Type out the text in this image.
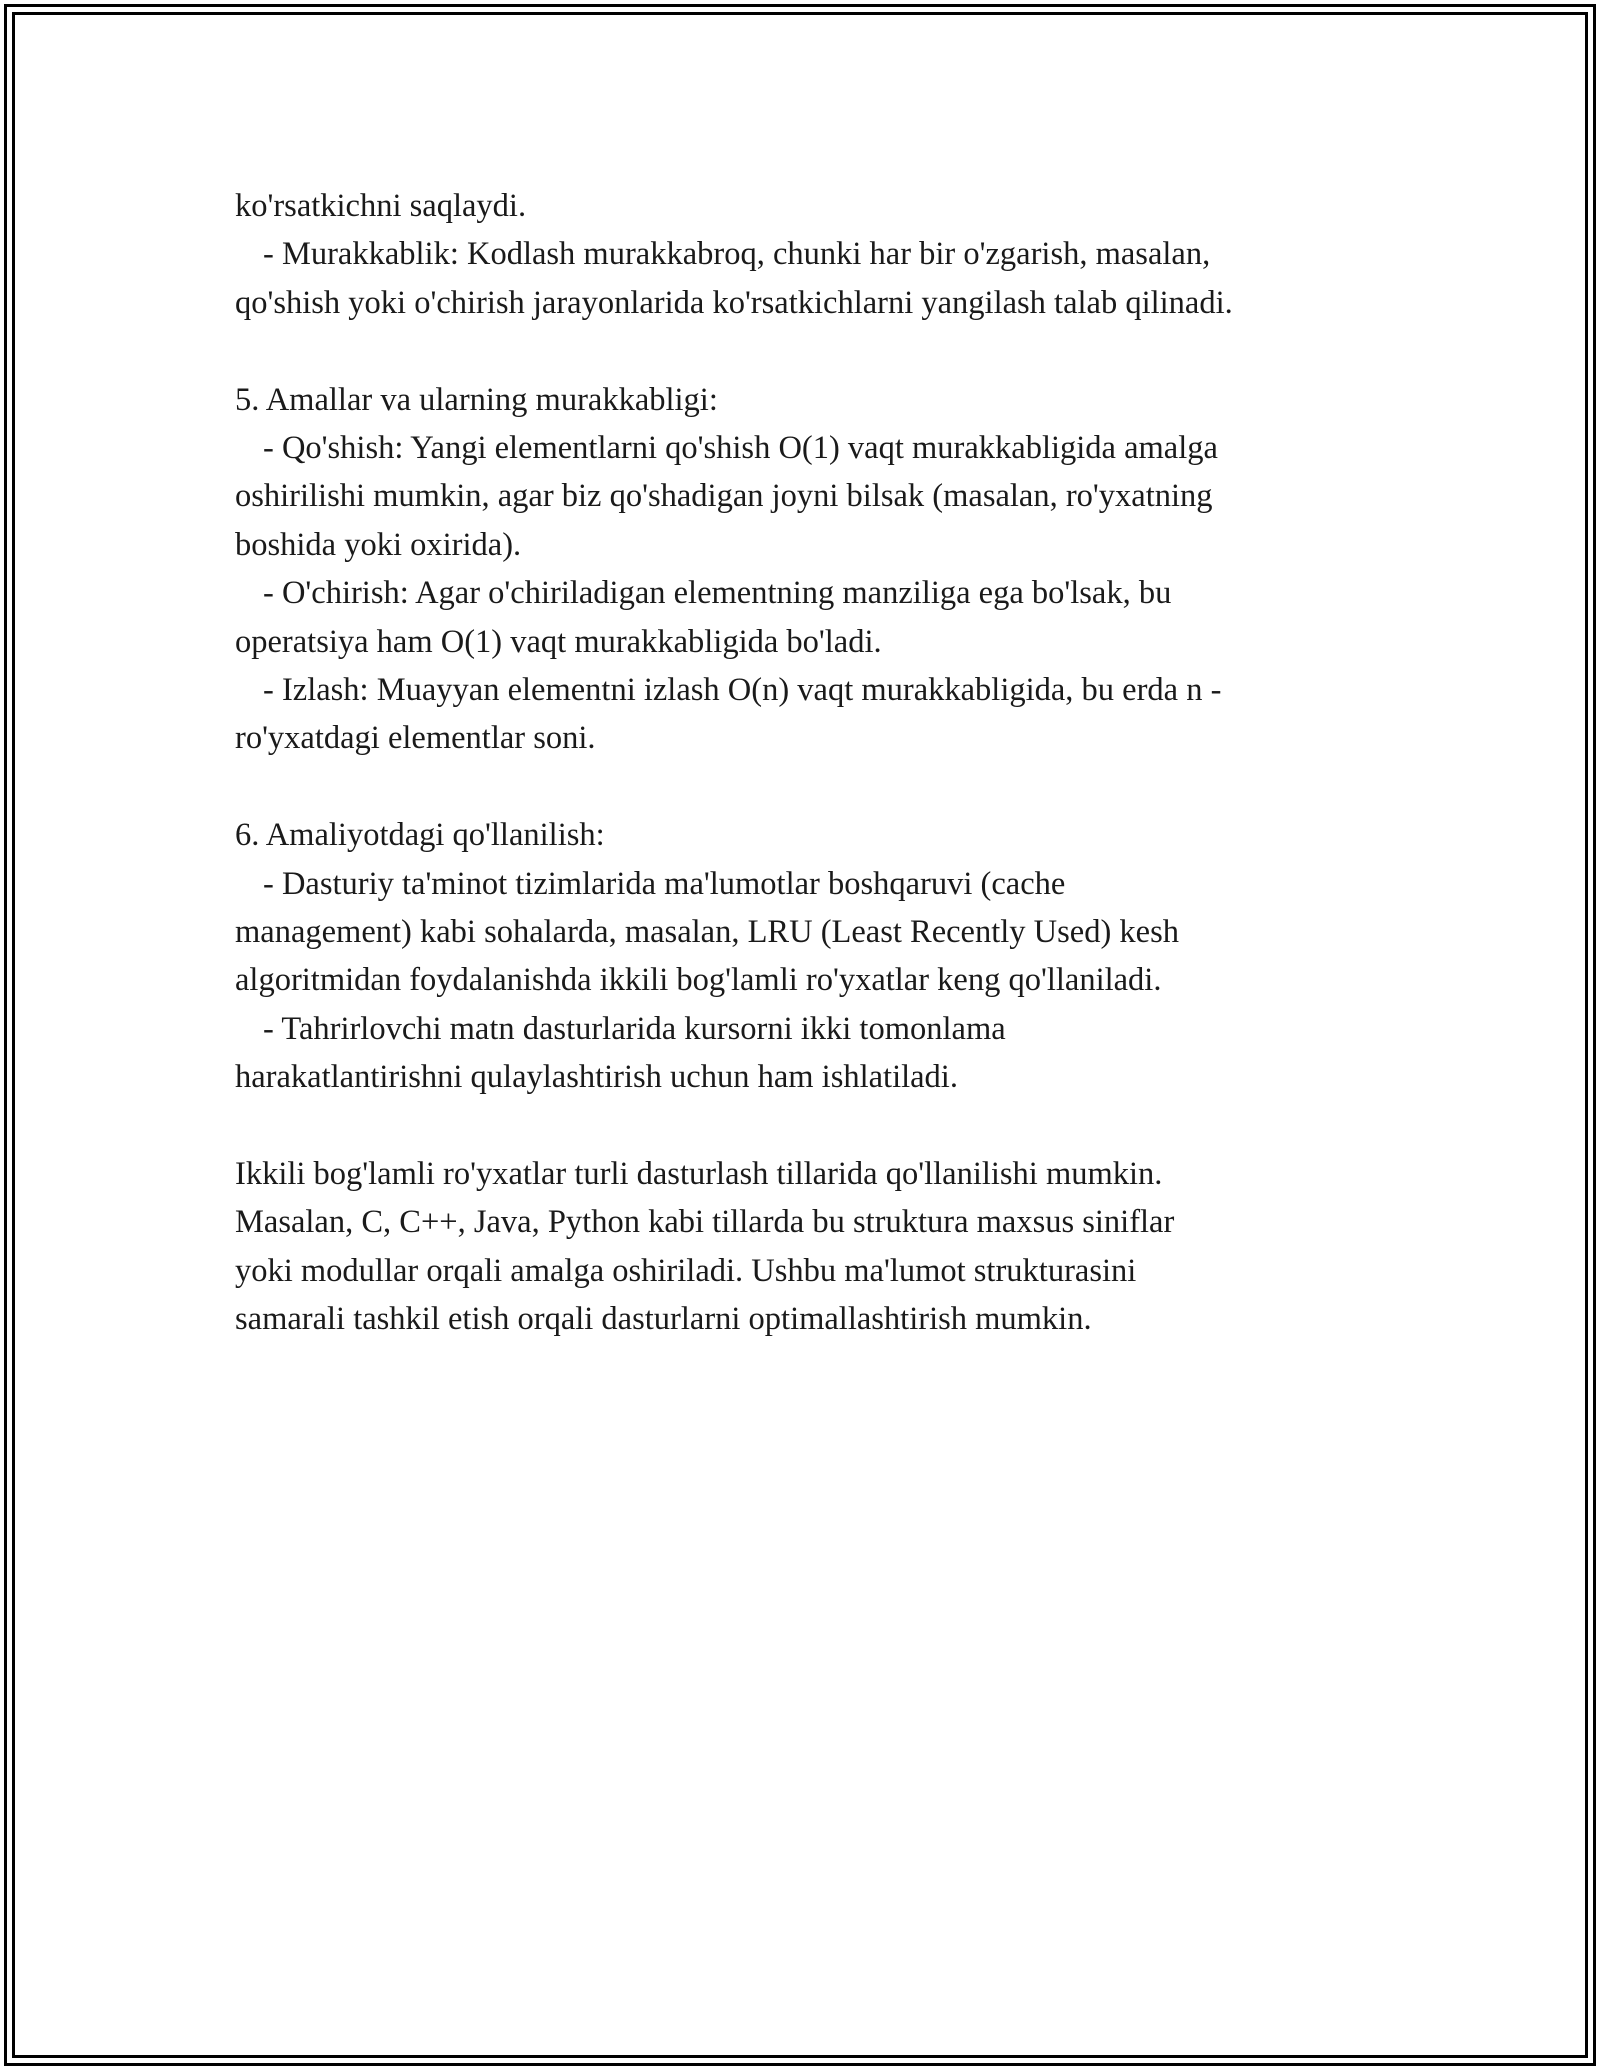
ko'rsatkichni saqlaydi.

- Murakkablik: Kodlash murakkabroq, chunki har bir o'zgarish, masalan,

qo'shish yoki o'chirish jarayonlarida ko'rsatkichlarni yangilash talab qilinadi.

5. Amallar va ularning murakkabligi:

- Qo'shish: Yangi elementlarni qo'shish O(1) vaqt murakkabligida amalga

oshirilishi mumkin, agar biz qo'shadigan joyni bilsak (masalan, ro'yxatning

boshida yoki oxirida).

- O'chirish: Agar o'chiriladigan elementning manziliga ega bo'lsak, bu

operatsiya ham O(1) vaqt murakkabligida bo'ladi.

- Izlash: Muayyan elementni izlash O(n) vaqt murakkabligida, bu erda n -

ro'yxatdagi elementlar soni.

6. Amaliyotdagi qo'llanilish:

- Dasturiy ta'minot tizimlarida ma'lumotlar boshqaruvi (cache

management) kabi sohalarda, masalan, LRU (Least Recently Used) kesh

algoritmidan foydalanishda ikkili bog'lamli ro'yxatlar keng qo'llaniladi.

- Tahrirlovchi matn dasturlarida kursorni ikki tomonlama

harakatlantirishni qulaylashtirish uchun ham ishlatiladi.

Ikkili bog'lamli ro'yxatlar turli dasturlash tillarida qo'llanilishi mumkin.

Masalan, C, C++, Java, Python kabi tillarda bu struktura maxsus siniflar

yoki modullar orqali amalga oshiriladi. Ushbu ma'lumot strukturasini

samarali tashkil etish orqali dasturlarni optimallashtirish mumkin.
